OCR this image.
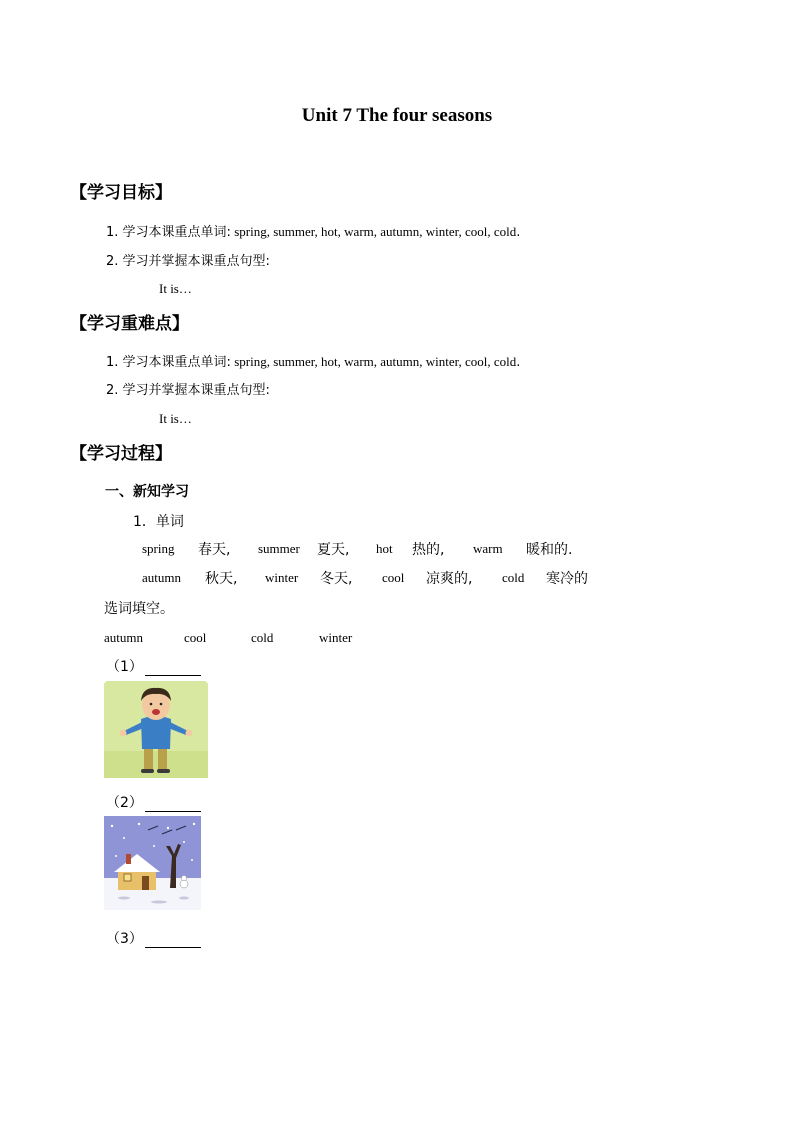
Unit 7 The four seasons
【学习目标】
1. 学习本课重点单词: spring, summer, hot, warm, autumn, winter, cool, cold.
2. 学习并掌握本课重点句型:
It is…
【学习重难点】
1. 学习本课重点单词: spring, summer, hot, warm, autumn, winter, cool, cold.
2. 学习并掌握本课重点句型:
It is…
【学习过程】
一、新知学习
1．单词
spring 春天, summer 夏天, hot 热的, warm 暖和的.
autumn 秋天, winter 冬天, cool 凉爽的, cold 寒冷的
选词填空。
autumn	cool	cold	winter
（1）
（2）
（3）
